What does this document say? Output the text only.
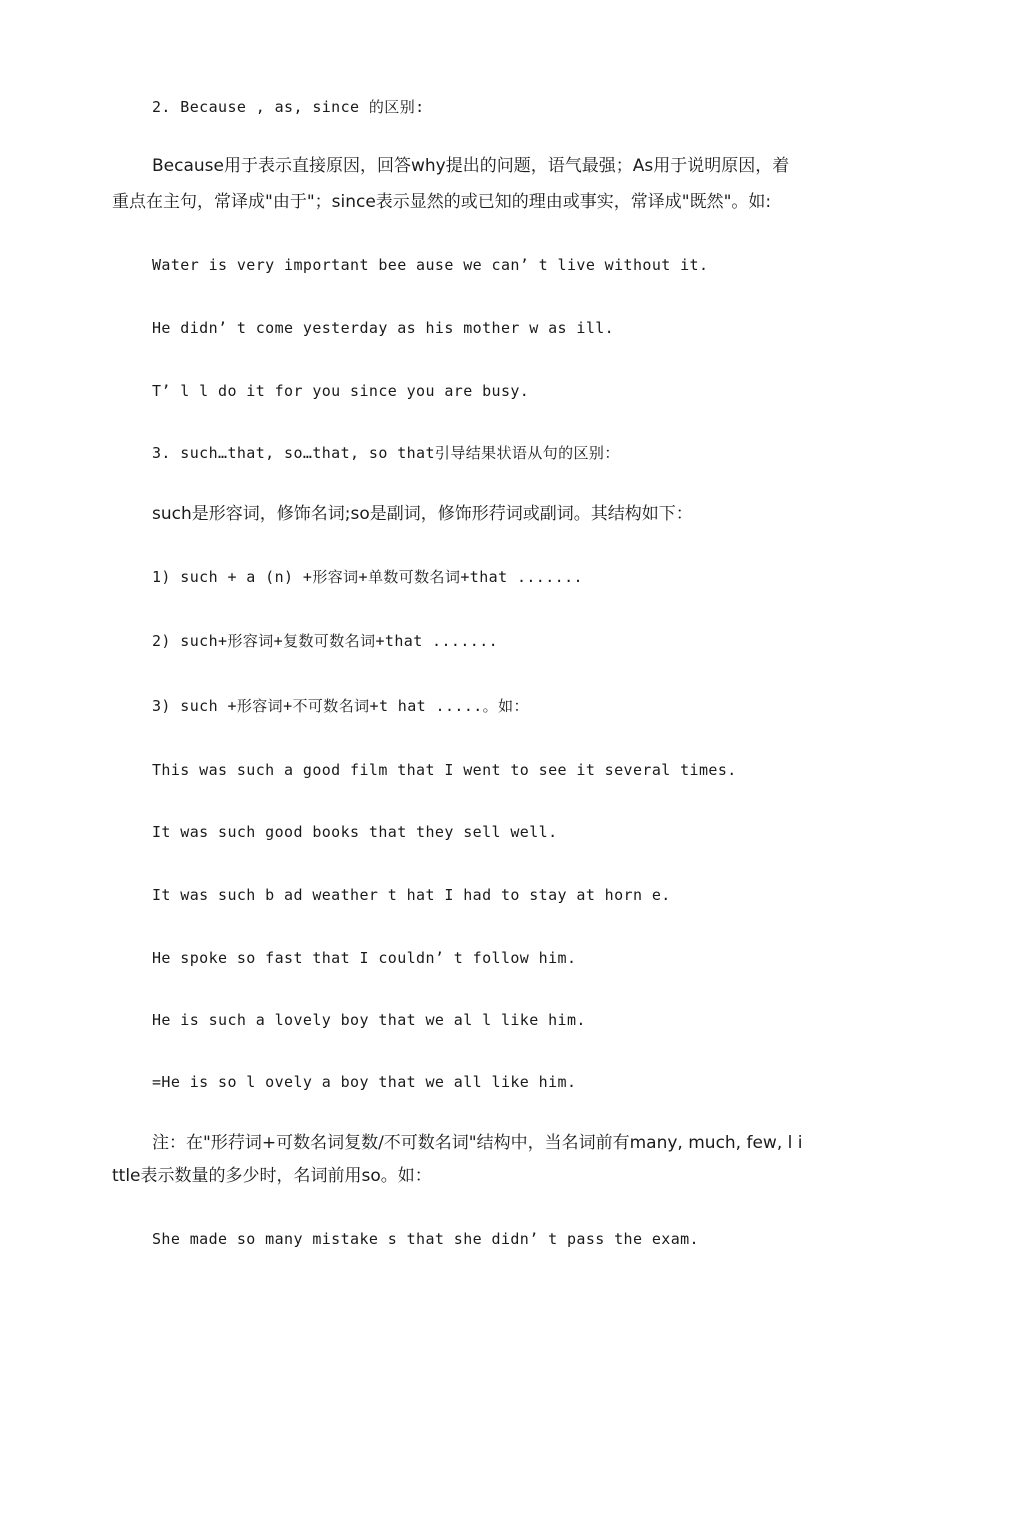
2. Because , as, since 的区别:

Because用于表示直接原因，回答why提出的问题，语气最强；As用于说明原因，着

重点在主句，常译成"由于"；since表示显然的或已知的理由或事实，常译成"既然"。如:

Water is very important bee ause we can’ t live without it.

He didn’ t come yesterday as his mother w as ill.

T’ l l do it for you since you are busy.

3. such…that, so…that, so that引导结果状语从句的区别：

such是形容词，修饰名词;so是副词，修饰形荇词或副词。其结构如下：

1) such + a (n) +形容词+单数可数名词+that .......

2) such+形容词+复数可数名词+that .......

3) such +形容词+不可数名词+t hat .....。如：

This was such a good film that I went to see it several times.

It was such good books that they sell well.

It was such b ad weather t hat I had to stay at horn e.

He spoke so fast that I couldn’ t follow him.

He is such a lovely boy that we al l like him.

=He is so l ovely a boy that we all like him.

注：在"形荇词+可数名词复数/不可数名词"结构中，当名词前有many, much, few, l i

ttle表示数量的多少时，名词前用so。如：

She made so many mistake s that she didn’ t pass the exam.
